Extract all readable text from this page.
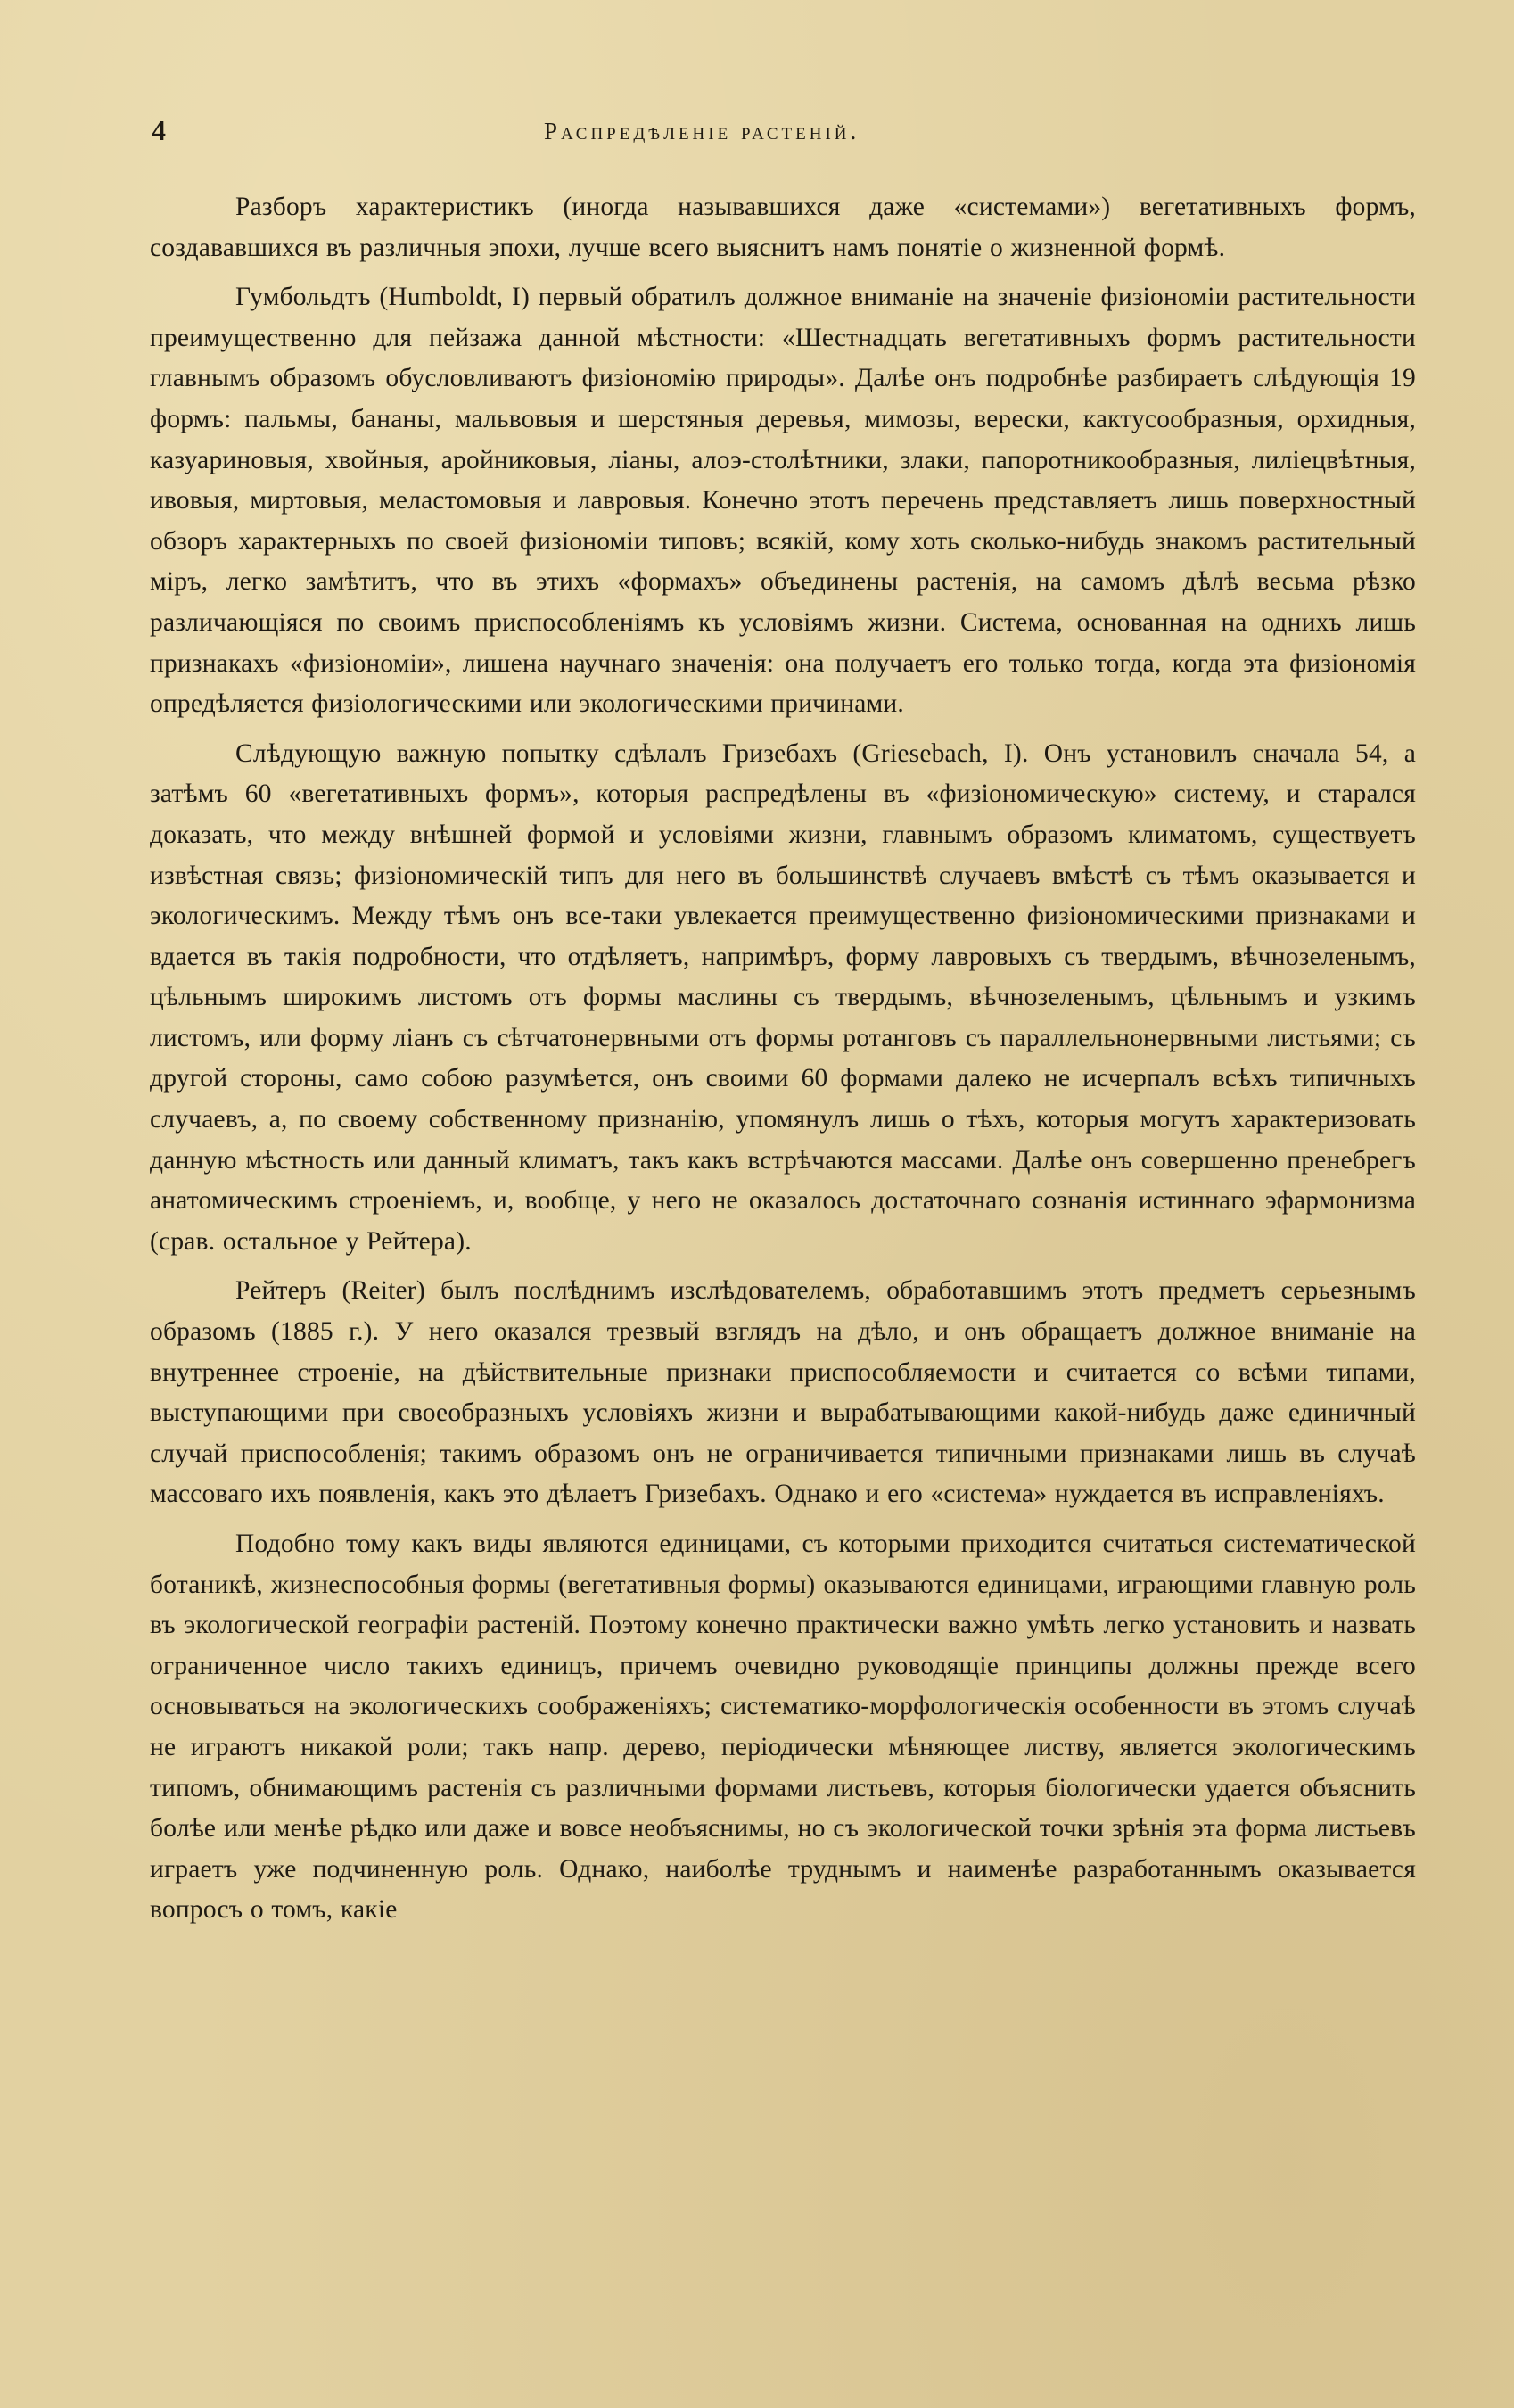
4	Распредѣленіе растеній.

Разборъ характеристикъ (иногда называвшихся даже «системами») вегетативныхъ формъ, создававшихся въ различныя эпохи, лучше всего выяснитъ намъ понятіе о жизненной формѣ.

Гумбольдтъ (Humboldt, I) первый обратилъ должное вниманіе на значеніе физіономіи растительности преимущественно для пейзажа данной мѣстности: «Шестнадцать вегетативныхъ формъ растительности главнымъ образомъ обусловливаютъ физіономію природы». Далѣе онъ подробнѣе разбираетъ слѣдующія 19 формъ: пальмы, бананы, мальвовыя и шерстяныя деревья, мимозы, верески, кактусообразныя, орхидныя, казуариновыя, хвойныя, аройниковыя, ліаны, алоэ-столѣтники, злаки, папоротникообразныя, лиліецвѣтныя, ивовыя, миртовыя, меластомовыя и лавровыя. Конечно этотъ перечень представляетъ лишь поверхностный обзоръ характерныхъ по своей физіономіи типовъ; всякій, кому хоть сколько-нибудь знакомъ растительный міръ, легко замѣтитъ, что въ этихъ «формахъ» объединены растенія, на самомъ дѣлѣ весьма рѣзко различающіяся по своимъ приспособленіямъ къ условіямъ жизни. Система, основанная на однихъ лишь признакахъ «физіономіи», лишена научнаго значенія: она получаетъ его только тогда, когда эта физіономія опредѣляется физіологическими или экологическими причинами.

Слѣдующую важную попытку сдѣлалъ Гризебахъ (Griesebach, I). Онъ установилъ сначала 54, а затѣмъ 60 «вегетативныхъ формъ», которыя распредѣлены въ «физіономическую» систему, и старался доказать, что между внѣшней формой и условіями жизни, главнымъ образомъ климатомъ, существуетъ извѣстная связь; физіономическій типъ для него въ большинствѣ случаевъ вмѣстѣ съ тѣмъ оказывается и экологическимъ. Между тѣмъ онъ все-таки увлекается преимущественно физіономическими признаками и вдается въ такія подробности, что отдѣляетъ, напримѣръ, форму лавровыхъ съ твердымъ, вѣчнозеленымъ, цѣльнымъ широкимъ листомъ отъ формы маслины съ твердымъ, вѣчнозеленымъ, цѣльнымъ и узкимъ листомъ, или форму ліанъ съ сѣтчатонервными отъ формы ротанговъ съ параллельнонервными листьями; съ другой стороны, само собою разумѣется, онъ своими 60 формами далеко не исчерпалъ всѣхъ типичныхъ случаевъ, а, по своему собственному признанію, упомянулъ лишь о тѣхъ, которыя могутъ характеризовать данную мѣстность или данный климатъ, такъ какъ встрѣчаются массами. Далѣе онъ совершенно пренебрегъ анатомическимъ строеніемъ, и, вообще, у него не оказалось достаточнаго сознанія истиннаго эфармонизма (срав. остальное у Рейтера).

Рейтеръ (Reiter) былъ послѣднимъ изслѣдователемъ, обработавшимъ этотъ предметъ серьезнымъ образомъ (1885 г.). У него оказался трезвый взглядъ на дѣло, и онъ обращаетъ должное вниманіе на внутреннее строеніе, на дѣйствительные признаки приспособляемости и считается со всѣми типами, выступающими при своеобразныхъ условіяхъ жизни и вырабатывающими какой-нибудь даже единичный случай приспособленія; такимъ образомъ онъ не ограничивается типичными признаками лишь въ случаѣ массоваго ихъ появленія, какъ это дѣлаетъ Гризебахъ. Однако и его «система» нуждается въ исправленіяхъ.

Подобно тому какъ виды являются единицами, съ которыми приходится считаться систематической ботаникѣ, жизнеспособныя формы (вегетативныя формы) оказываются единицами, играющими главную роль въ экологической географіи растеній. Поэтому конечно практически важно умѣть легко установить и назвать ограниченное число такихъ единицъ, причемъ очевидно руководящіе принципы должны прежде всего основываться на экологическихъ соображеніяхъ; систематико-морфологическія особенности въ этомъ случаѣ не играютъ никакой роли; такъ напр. дерево, періодически мѣняющее листву, является экологическимъ типомъ, обнимающимъ растенія съ различными формами листьевъ, которыя біологически удается объяснить болѣе или менѣе рѣдко или даже и вовсе необъяснимы, но съ экологической точки зрѣнія эта форма листьевъ играетъ уже подчиненную роль. Однако, наиболѣе труднымъ и наименѣе разработаннымъ оказывается вопросъ о томъ, какіе
